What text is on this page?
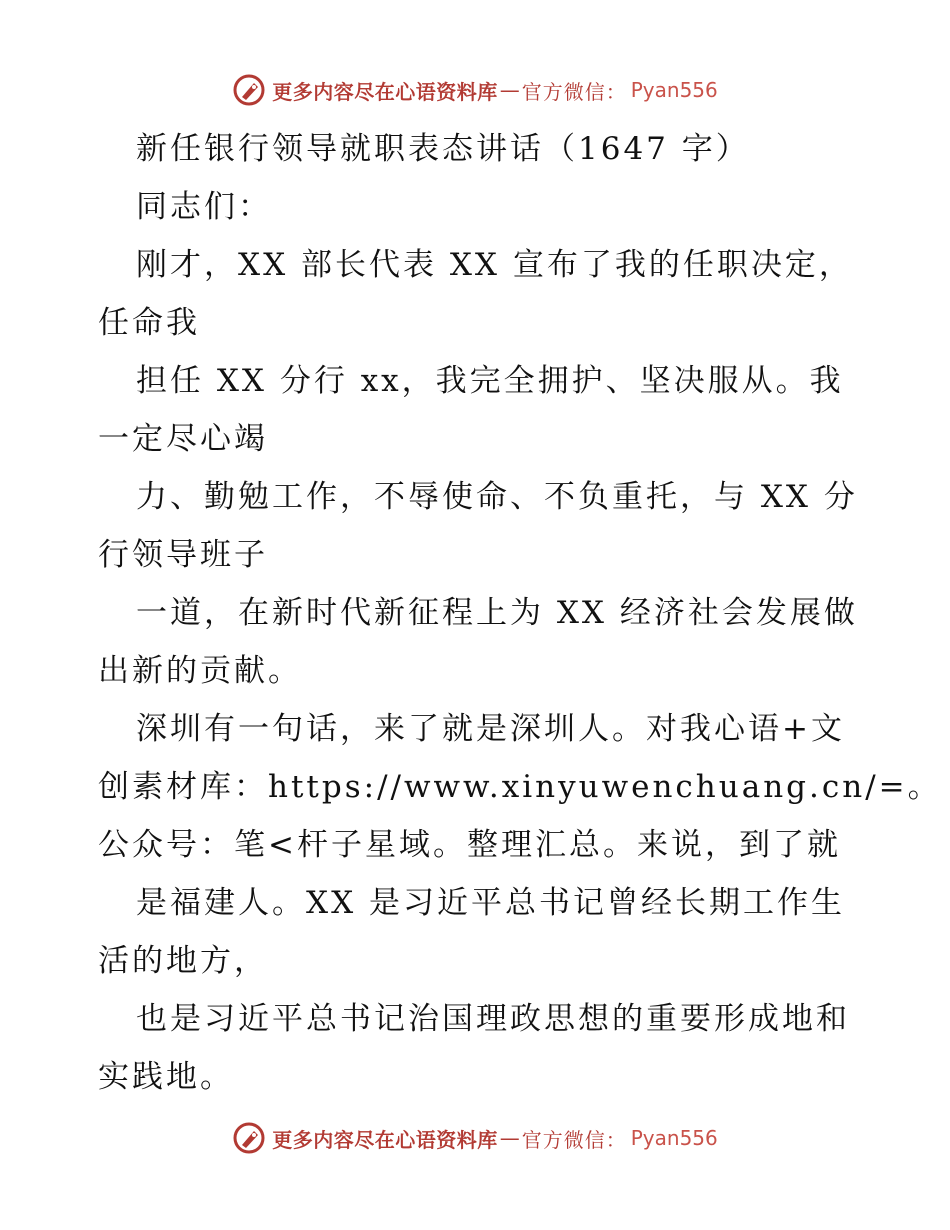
更多内容尽在心语资料库 — 官方微信： Pyan556
新任银行领导就职表态讲话（1647 字）
同志们：
刚才，XX 部长代表 XX 宣布了我的任职决定，
任命我
担任 XX 分行 xx，我完全拥护、坚决服从。我
一定尽心竭
力、勤勉工作，不辱使命、不负重托，与 XX 分
行领导班子
一道，在新时代新征程上为 XX 经济社会发展做
出新的贡献。
深圳有一句话，来了就是深圳人。对我心语+文
创素材库：https://www.xinyuwenchuang.cn/=。
公众号：笔<杆子星域。整理汇总。来说，到了就
是福建人。XX 是习近平总书记曾经长期工作生
活的地方，
也是习近平总书记治国理政思想的重要形成地和
实践地。
更多内容尽在心语资料库 — 官方微信： Pyan556
